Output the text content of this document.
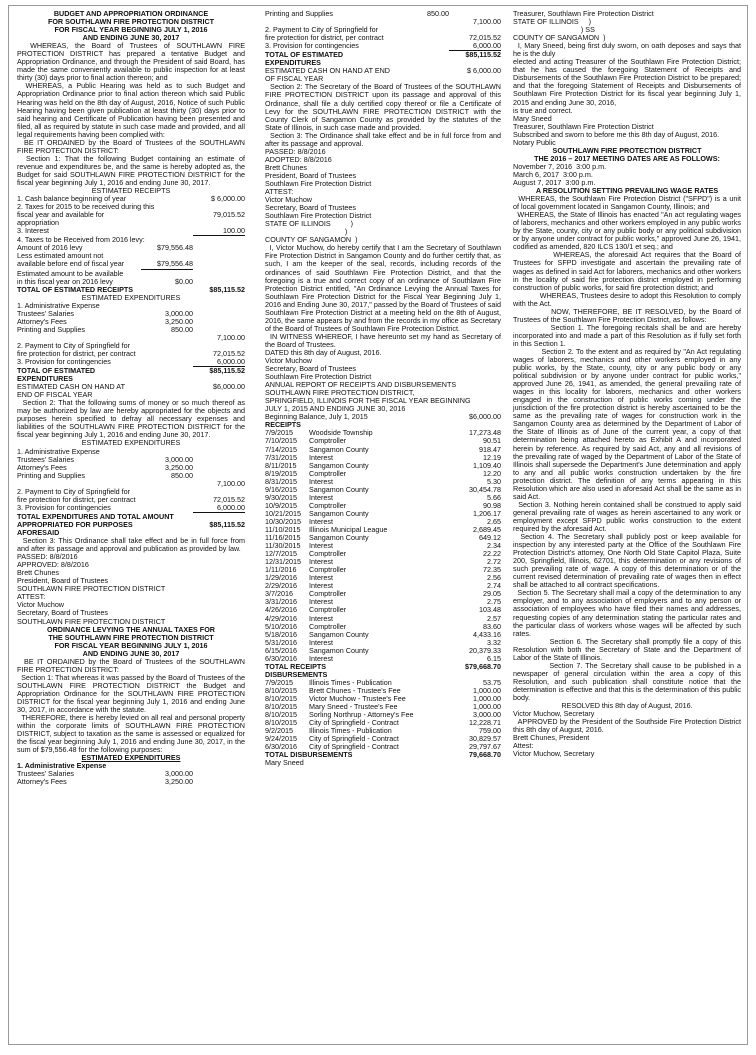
BUDGET AND APPROPRIATION ORDINANCE
FOR SOUTHLAWN FIRE PROTECTION DISTRICT
FOR FISCAL YEAR BEGINNING JULY 1, 2016
AND ENDING JUNE 30, 2017
WHEREAS, the Board of Trustees of SOUTHLAWN FIRE PROTECTION DISTRICT has prepared a tentative Budget and Appropriation Ordinance, and through the President of said Board, has made the same conveniently available to public inspection for at least thirty (30) days prior to final action thereon; and
WHEREAS, a Public Hearing was held as to such Budget and Appropriation Ordinance prior to final action thereon which said Public Hearing was held on the 8th day of August, 2016, Notice of such Public Hearing having been given publication at least thirty (30) days prior to said hearing and Certificate of Publication having been presented and filed, all as required by statute in such case made and provided, and all legal requirements having been complied with:
BE IT ORDAINED by the Board of Trustees of the SOUTHLAWN FIRE PROTECTION DISTRICT:
Section 1: That the following Budget containing an estimate of revenue and expenditures be, and the same is hereby adopted as, the Budget for said SOUTHLAWN FIRE PROTECTION DISTRICT for the fiscal year beginning July 1, 2016 and ending June 30, 2017.
ESTIMATED RECEIPTS
1. Cash balance beginning of year	$ 6,000.00
2. Taxes for 2015 to be received during this
fiscal year and available for appropriation
79,015.52
3. Interest	100.00
4. Taxes to be Received from 2016 levy:
Amount of 2016 levy	$79,556.48
Less estimated amount not
available before end of fiscal year	$79,556.48
Estimated amount to be available
in this fiscal year on 2016 levy	$0.00
TOTAL OF ESTIMATED RECEIPTS	$85,115.52
ESTIMATED EXPENDITURES
1. Administrative Expense
Trustees' Salaries	3,000.00
Attorney's Fees	3,250.00
Printing and Supplies	850.00
7,100.00
2. Payment to City of Springfield for
fire protection for district, per contract	72,015.52
3. Provision for contingencies	6,000.00
TOTAL OF ESTIMATED EXPENDITURES
$85,115.52
ESTIMATED CASH ON HAND AT END OF FISCAL YEAR
$6,000.00
Section 2: That the following sums of money or so much thereof as may be authorized by law are hereby appropriated for the objects and purposes herein specified to defray all necessary expenses and liabilities of the SOUTHLAWN FIRE PROTECTION DISTRICT for the fiscal year beginning July 1, 2016 and ending June 30, 2017.
ESTIMATED EXPENDITURES
1. Administrative Expense
Trustees' Salaries	3,000.00
Attorney's Fees	3,250.00
Printing and Supplies	850.00
7,100.00
2. Payment to City of Springfield for
fire protection for district, per contract	72,015.52
3. Provision for contingencies	6,000.00
TOTAL EXPENDITURES AND TOTAL AMOUNT
APPROPRIATED FOR PURPOSES AFORESAID
$85,115.52
Section 3: This Ordinance shall take effect and be in full force from and after its passage and approval and publication as provided by law.
PASSED: 8/8/2016
APPROVED: 8/8/2016
Brett Chunes
President, Board of Trustees
SOUTHLAWN FIRE PROTECTION DISTRICT
ATTEST:
Victor Muchow
Secretary, Board of Trustees
SOUTHLAWN FIRE PROTECTION DISTRICT
ORDINANCE LEVYING THE ANNUAL TAXES FOR
THE SOUTHLAWN FIRE PROTECTION DISTRICT
FOR FISCAL YEAR BEGINNING JULY 1, 2016
AND ENDING JUNE 30, 2017
BE IT ORDAINED by the Board of Trustees of the SOUTHLAWN FIRE PROTECTION DISTRICT:
Section 1: That whereas it was passed by the Board of Trustees of the SOUTHLAWN FIRE PROTECTION DISTRICT the Budget and Appropriation Ordinance for the SOUTHLAWN FIRE PROTECTION DISTRICT for the fiscal year beginning July 1, 2016 and ending June 30, 2017, in accordance with the statute.
THEREFORE, there is hereby levied on all real and personal property within the corporate limits of SOUTHLAWN FIRE PROTECTION DISTRICT, subject to taxation as the same is assessed or equalized for the fiscal year beginning July 1, 2016 and ending June 30, 2017, in the sum of $79,556.48 for the following purposes:
ESTIMATED EXPENDITURES
1. Administrative Expense
Trustees' Salaries	3,000.00
Attorney's Fees	3,250.00
Printing and Supplies	850.00
7,100.00
2. Payment to City of Springfield for
fire protection for district, per contract	72,015.52
3. Provision for contingencies	6,000.00
TOTAL OF ESTIMATED EXPENDITURES
$85,115.52
ESTIMATED CASH ON HAND AT END OF FISCAL YEAR
$ 6,000.00
Section 2: The Secretary of the Board of Trustees of the SOUTHLAWN FIRE PROTECTION DISTRICT upon its passage and approval of this Ordinance, shall file a duly certified copy thereof or file a Certificate of Levy for the SOUTHLAWN FIRE PROTECTION DISTRICT with the County Clerk of Sangamon County as provided by the statutes of the State of Illinois, in such case made and provided.
Section 3: The Ordinance shall take effect and be in full force from and after its passage and approval.
PASSED: 8/8/2016
ADOPTED: 8/8/2016
Brett Chunes
President, Board of Trustees
Southlawn Fire Protection District
ATTEST:
Victor Muchow
Secretary, Board of Trustees
Southlawn Fire Protection District
STATE OF ILLINOIS          )
)
COUNTY OF SANGAMON  )
I, Victor Muchow, do hereby certify that I am the Secretary of Southlawn Fire Protection District in Sangamon County and do further certify that, as such, I am the keeper of the seal, records, including records of the ordinances of said Southlawn Fire Protection District, and that the foregoing is a true and correct copy of an ordinance of Southlawn Fire Protection District entitled, "An Ordinance Levying the Annual Taxes for Southlawn Fire Protection District for the Fiscal Year Beginning July 1, 2016 and Ending June 30, 2017," passed by the Board of Trustees of said Southlawn Fire Protection District at a meeting held on the 8th of August, 2016, the same appears by and from the records in my office as Secretary of the Board of Trustees of Southlawn Fire Protection District.
IN WITNESS WHEREOF, I have hereunto set my hand as Secretary of the Board of Trustees.
DATED this 8th day of August, 2016.
Victor Muchow
Secretary, Board of Trustees
Southlawn Fire Protection District
ANNUAL REPORT OF RECEIPTS AND DISBURSEMENTS
SOUTHLAWN FIRE PROTECTION DISTRICT,
SPRINGFIELD, ILLINOIS FOR THE FISCAL YEAR BEGINNING
JULY 1, 2015 AND ENDING JUNE 30, 2016
Beginning Balance, July 1, 2015	$6,000.00
RECEIPTS
7/9/2015	Woodside Township	17,273.48
7/10/2015	Comptroller	90.51
7/14/2015	Sangamon County	918.47
7/31/2015	Interest	12.19
8/11/2015	Sangamon County	1,109.40
8/19/2015	Comptroller	12.20
8/31/2015	Interest	5.30
9/16/2015	Sangamon County	30,454.78
9/30/2015	Interest	5.66
10/9/2015	Comptroller	90.98
10/21/2015	Sangamon County	1,206.17
10/30/2015	Interest	2.65
11/10/2015	Illinois Municipal League	2,689.45
11/16/2015	Sangamon County	649.12
11/30/2015	Interest	2.34
12/7/2015	Comptroller	22.22
12/31/2015	Interest	2.72
1/11/2016	Comptroller	72.35
1/29/2016	Interest	2.56
2/29/2016	Interest	2.74
3/7/2016	Comptroller	29.05
3/31/2016	Interest	2.75
4/26/2016	Comptroller	103.48
4/29/2016	Interest	2.57
5/10/2016	Comptroller	83.60
5/18/2016	Sangamon County	4,433.16
5/31/2016	Interest	3.32
6/15/2016	Sangamon County	20,379.33
6/30/2016	Interest	6.15
TOTAL RECEIPTS	$79,668.70
DISBURSEMENTS
7/9/2015	Illinois Times - Publication	53.75
8/10/2015	Brett Chunes - Trustee's Fee	1,000.00
8/10/2015	Victor Muchow - Trustee's Fee	1,000.00
8/10/2015	Mary Sneed - Trustee's Fee	1,000.00
8/10/2015	Sorling Northrup - Attorney's Fee	3,000.00
8/10/2015	City of Springfield - Contract	12,228.71
9/2/2015	Illinois Times - Publication	759.00
9/24/2015	City of Springfield - Contract	30,829.57
6/30/2016	City of Springfield - Contract	29,797.67
TOTAL DISBURSEMENTS	79,668.70
Mary Sneed
Treasurer, Southlawn Fire Protection District
STATE OF ILLINOIS     )
) SS
COUNTY OF SANGAMON  )
I, Mary Sneed, being first duly sworn, on oath deposes and says that he is the duly
elected and acting Treasurer of the Southlawn Fire Protection District; that he has caused the foregoing Statement of Receipts and Disbursements of the Southlawn Fire Protection District to be prepared; and that the foregoing Statement of Receipts and Disbursements of Southlawn Fire Protection District for its fiscal year beginning July 1, 2015 and ending June 30, 2016,
is true and correct.
Mary Sneed
Treasurer, Southlawn Fire Protection District
Subscribed and sworn to before me this 8th day of August, 2016.
Notary Public
SOUTHLAWN FIRE PROTECTION DISTRICT
THE 2016 – 2017 MEETING DATES ARE AS FOLLOWS:
November 7, 2016  3:00 p.m.
March 6, 2017  3:00 p.m.
August 7, 2017  3:00 p.m.
A RESOLUTION SETTING PREVAILING WAGE RATES
WHEREAS, the Southlawn Fire Protection District ("SFPD") is a unit of local government located in Sangamon County, Illinois; and
WHEREAS, the State of Illinois has enacted "An act regulating wages of laborers, mechanics and other workers employed in any public works by the State, county, city or any public body or any political subdivision or by anyone under contract for public works," approved June 26, 1941, codified as amended, 820 ILCS 130/1 et seq.; and
WHEREAS, the aforesaid Act requires that the Board of Trustees for SFPD investigate and ascertain the prevailing rate of wages as defined in said Act for laborers, mechanics and other workers in the locality of said fire protection district employed in performing construction of public works, for said fire protection district; and
WHEREAS, Trustees desire to adopt this Resolution to comply with the Act.
NOW, THEREFORE, BE IT RESOLVED, by the Board of Trustees of the Southlawn Fire Protection District, as follows:
Section 1. The foregoing recitals shall be and are hereby incorporated into and made a part of this Resolution as if fully set forth in this Section 1.
Section 2. To the extent and as required by "An Act regulating wages of laborers, mechanics and other workers employed in any public works, by the State, county, city or any public body or any political subdivision or by anyone under contract for public works," approved June 26, 1941, as amended, the general prevailing rate of wages in this locality for laborers, mechanics and other workers engaged in the construction of public works coming under the jurisdiction of the fire protection district is hereby ascertained to be the same as the prevailing rate of wages for construction work in the Sangamon County area as determined by the Department of Labor of the State of Illinois as of June of the current year, a copy of that determination being attached hereto as Exhibit A and incorporated herein by reference. As required by said Act, any and all revisions of the prevailing rate of waged by the Department of Labor of the State of Illinois shall supersede the Department's June determination and apply to any and all public works construction undertaken by the fire protection district. The definition of any terms appearing in this Resolution which are also used in aforesaid Act shall be the same as in said Act.
Section 3. Nothing herein contained shall be construed to apply said general prevailing rate of wages as herein ascertained to any work or employment except SFPD public works construction to the extent required by the aforesaid Act.
Section 4. The Secretary shall publicly post or keep available for inspection by any interested party at the Office of the Southlawn Fire Protection District's attorney, One North Old State Capitol Plaza, Suite 200, Springfield, Illinois, 62701, this determination or any revisions of such prevailing rate of wage. A copy of this determination or of the current revised determination of prevailing rate of wages then in effect shall be attached to all contract specifications.
Section 5. The Secretary shall mail a copy of the determination to any employer, and to any association of employers and to any person or association of employees who have filed their names and addresses, requesting copies of any determination stating the particular rates and the particular class of workers whose wages will be affected by such rates.
Section 6. The Secretary shall promptly file a copy of this Resolution with both the Secretary of State and the Department of Labor of the State of Illinois.
Section 7. The Secretary shall cause to be published in a newspaper of general circulation within the area a copy of this Resolution, and such publication shall constitute notice that the determination is effective and that this is the determination of this public body.
RESOLVED this 8th day of August, 2016.
Victor Muchow, Secretary
APPROVED by the President of the Southside Fire Protection District this 8th day of August, 2016.
Brett Chunes, President
Attest:
Victor Muchow, Secretary
